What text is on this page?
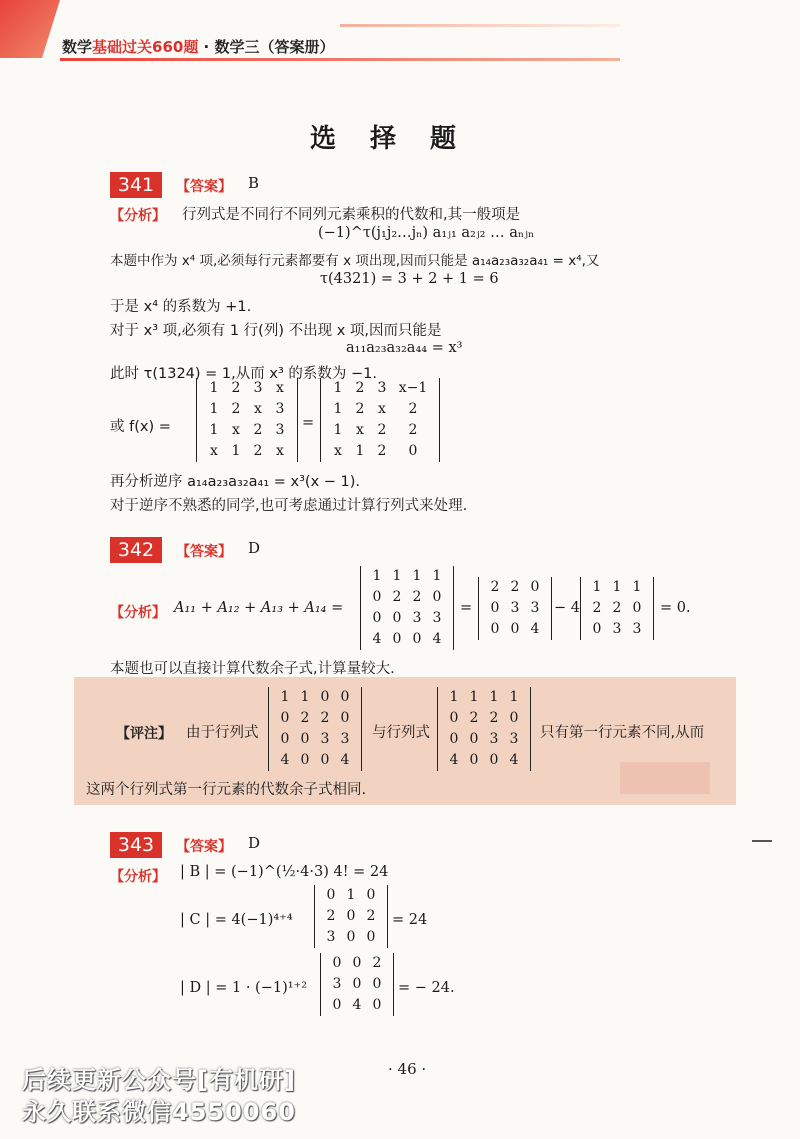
数学基础过关660题 · 数学三（答案册）
选择题
341	【答案】 B
【分析】 行列式是不同行不同列元素乘积的代数和,其一般项是
(−1)^τ(j₁j₂…jₙ) a₁ⱼ₁ a₂ⱼ₂ … aₙⱼₙ
本题中作为 x⁴ 项,必须每行元素都要有 x 项出现,因而只能是 a₁₄a₂₃a₃₂a₄₁ = x⁴,又
τ(4321) = 3 + 2 + 1 = 6
于是 x⁴ 的系数为 +1.
对于 x³ 项,必须有 1 行(列) 不出现 x 项,因而只能是
a₁₁a₂₃a₃₂a₄₄ = x³
此时 τ(1324) = 1,从而 x³ 的系数为 −1.
或 f(x) =
1 2 3 x
1 2 x 3
1 x 2 3
x 1 2 x
=
1 2 3 x−1
1 2 x	2
1 x 2	2
x 1 2	0
再分析逆序 a₁₄a₂₃a₃₂a₄₁ = x³(x − 1).
对于逆序不熟悉的同学,也可考虑通过计算行列式来处理.
342	【答案】 D
【分析】 A₁₁ + A₁₂ + A₁₃ + A₁₄ =
1 1 1 1
0 2 2 0
0 0 3 3
4 0 0 4
=
2 2 0
0 3 3
0 0 4
− 4
1 1 1
2 2 0
0 3 3
= 0.
本题也可以直接计算代数余子式,计算量较大.
【评注】 由于行列式
1 1 0 0
0 2 2 0
0 0 3 3
4 0 0 4
与行列式
1 1 1 1
0 2 2 0
0 0 3 3
4 0 0 4
只有第一行元素不同,从而
这两个行列式第一行元素的代数余子式相同.
343	【答案】 D
【分析】 | B | = (−1)^(½·4·3) 4! = 24
| C | = 4(−1)⁴⁺⁴
0 1 0
2 0 2
3 0 0
= 24
| D | = 1 · (−1)¹⁺²
0 0 2
3 0 0
0 4 0
= − 24.
· 46 ·
后续更新公众号[有机研]
永久联系微信4550060
